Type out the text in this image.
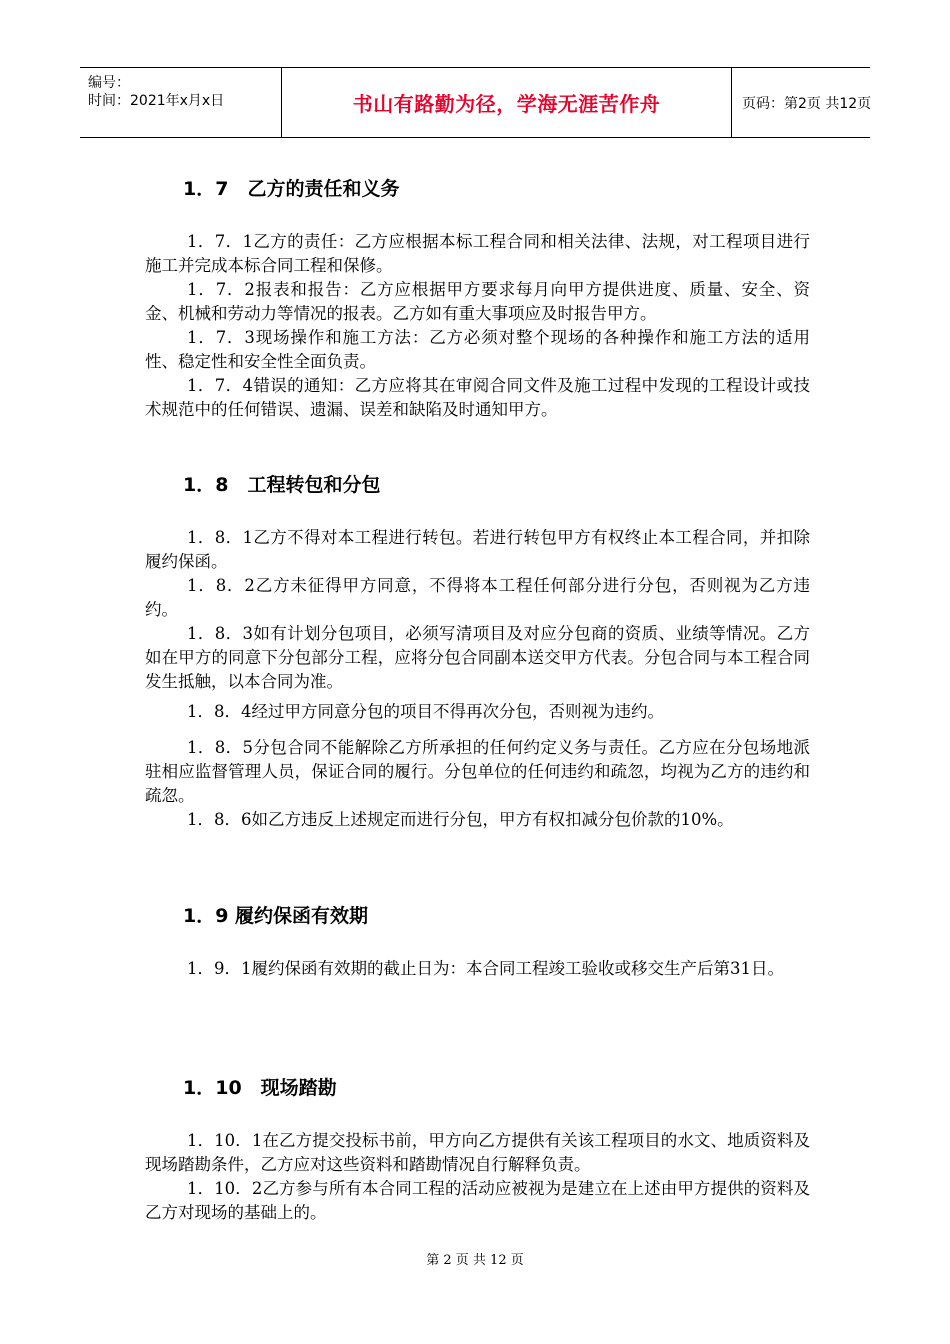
编号：
时间：2021年x月x日	书山有路勤为径，学海无涯苦作舟	页码：第2页 共12页
1．7　乙方的责任和义务
1．7．1乙方的责任：乙方应根据本标工程合同和相关法律、法规，对工程项目进行施工并完成本标合同工程和保修。
1．7．2报表和报告：乙方应根据甲方要求每月向甲方提供进度、质量、安全、资金、机械和劳动力等情况的报表。乙方如有重大事项应及时报告甲方。
1．7．3现场操作和施工方法：乙方必须对整个现场的各种操作和施工方法的适用性、稳定性和安全性全面负责。
1．7．4错误的通知：乙方应将其在审阅合同文件及施工过程中发现的工程设计或技术规范中的任何错误、遗漏、误差和缺陷及时通知甲方。
1．8　工程转包和分包
1．8．1乙方不得对本工程进行转包。若进行转包甲方有权终止本工程合同，并扣除履约保函。
1．8．2乙方未征得甲方同意，不得将本工程任何部分进行分包，否则视为乙方违约。
1．8．3如有计划分包项目，必须写清项目及对应分包商的资质、业绩等情况。乙方如在甲方的同意下分包部分工程，应将分包合同副本送交甲方代表。分包合同与本工程合同发生抵触，以本合同为准。
1．8．4经过甲方同意分包的项目不得再次分包，否则视为违约。
1．8．5分包合同不能解除乙方所承担的任何约定义务与责任。乙方应在分包场地派驻相应监督管理人员，保证合同的履行。分包单位的任何违约和疏忽，均视为乙方的违约和疏忽。
1．8．6如乙方违反上述规定而进行分包，甲方有权扣减分包价款的10%。
1．9 履约保函有效期
1．9．1履约保函有效期的截止日为：本合同工程竣工验收或移交生产后第31日。
1．10　现场踏勘
1．10．1在乙方提交投标书前，甲方向乙方提供有关该工程项目的水文、地质资料及现场踏勘条件，乙方应对这些资料和踏勘情况自行解释负责。
1．10．2乙方参与所有本合同工程的活动应被视为是建立在上述由甲方提供的资料及乙方对现场的基础上的。
第 2 页 共 12 页
